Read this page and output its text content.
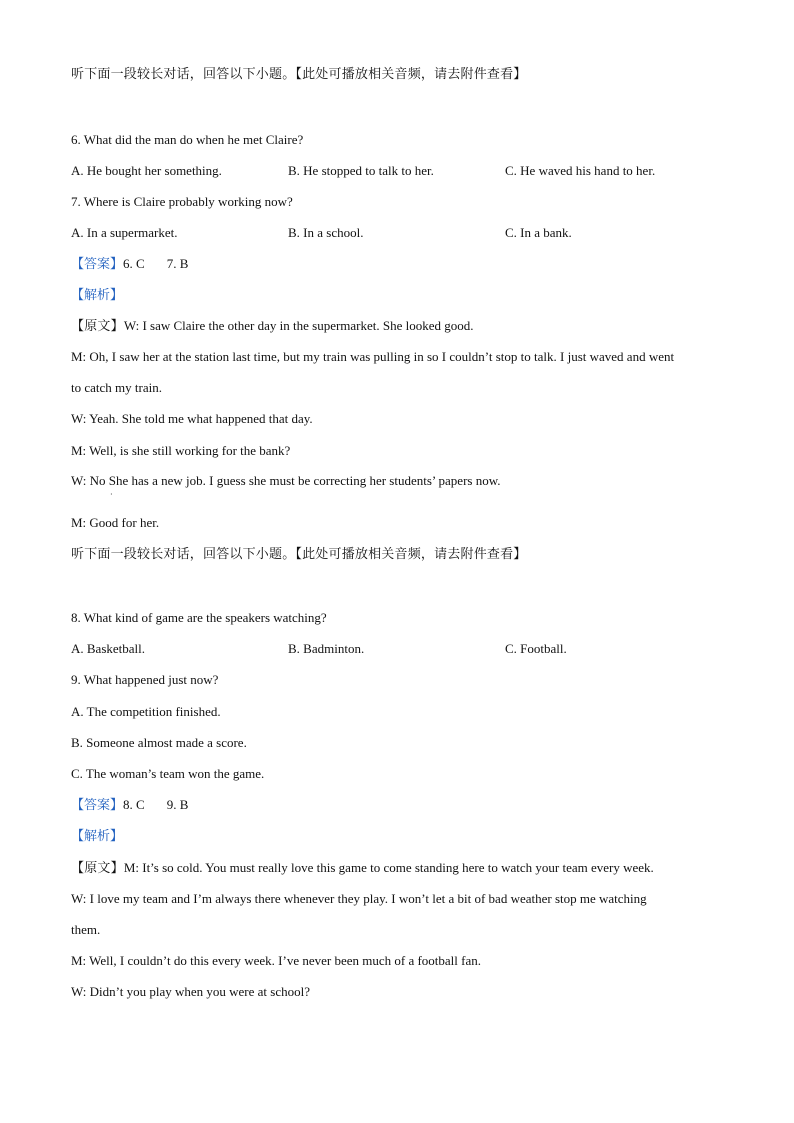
听下面一段较长对话，回答以下小题。【此处可播放相关音频，请去附件查看】
6. What did the man do when he met Claire?
A. He bought her something.	B. He stopped to talk to her.	C. He waved his hand to her.
7. Where is Claire probably working now?
A. In a supermarket.	B. In a school.	C. In a bank.
【答案】6. C 7. B
【解析】
【原文】W: I saw Claire the other day in the supermarket. She looked good.
M: Oh, I saw her at the station last time, but my train was pulling in so I couldn’t stop to talk. I just waved and went
to catch my train.
W: Yeah. She told me what happened that day.
M: Well, is she still working for the bank?
W: No She has a new job. I guess she must be correcting her students’ papers now.
·
M: Good for her.
听下面一段较长对话，回答以下小题。【此处可播放相关音频，请去附件查看】
8. What kind of game are the speakers watching?
A. Basketball.	B. Badminton.	C. Football.
9. What happened just now?
A. The competition finished.
B. Someone almost made a score.
C. The woman’s team won the game.
【答案】8. C 9. B
【解析】
【原文】M: It’s so cold. You must really love this game to come standing here to watch your team every week.
W: I love my team and I’m always there whenever they play. I won’t let a bit of bad weather stop me watching
them.
M: Well, I couldn’t do this every week. I’ve never been much of a football fan.
W: Didn’t you play when you were at school?
